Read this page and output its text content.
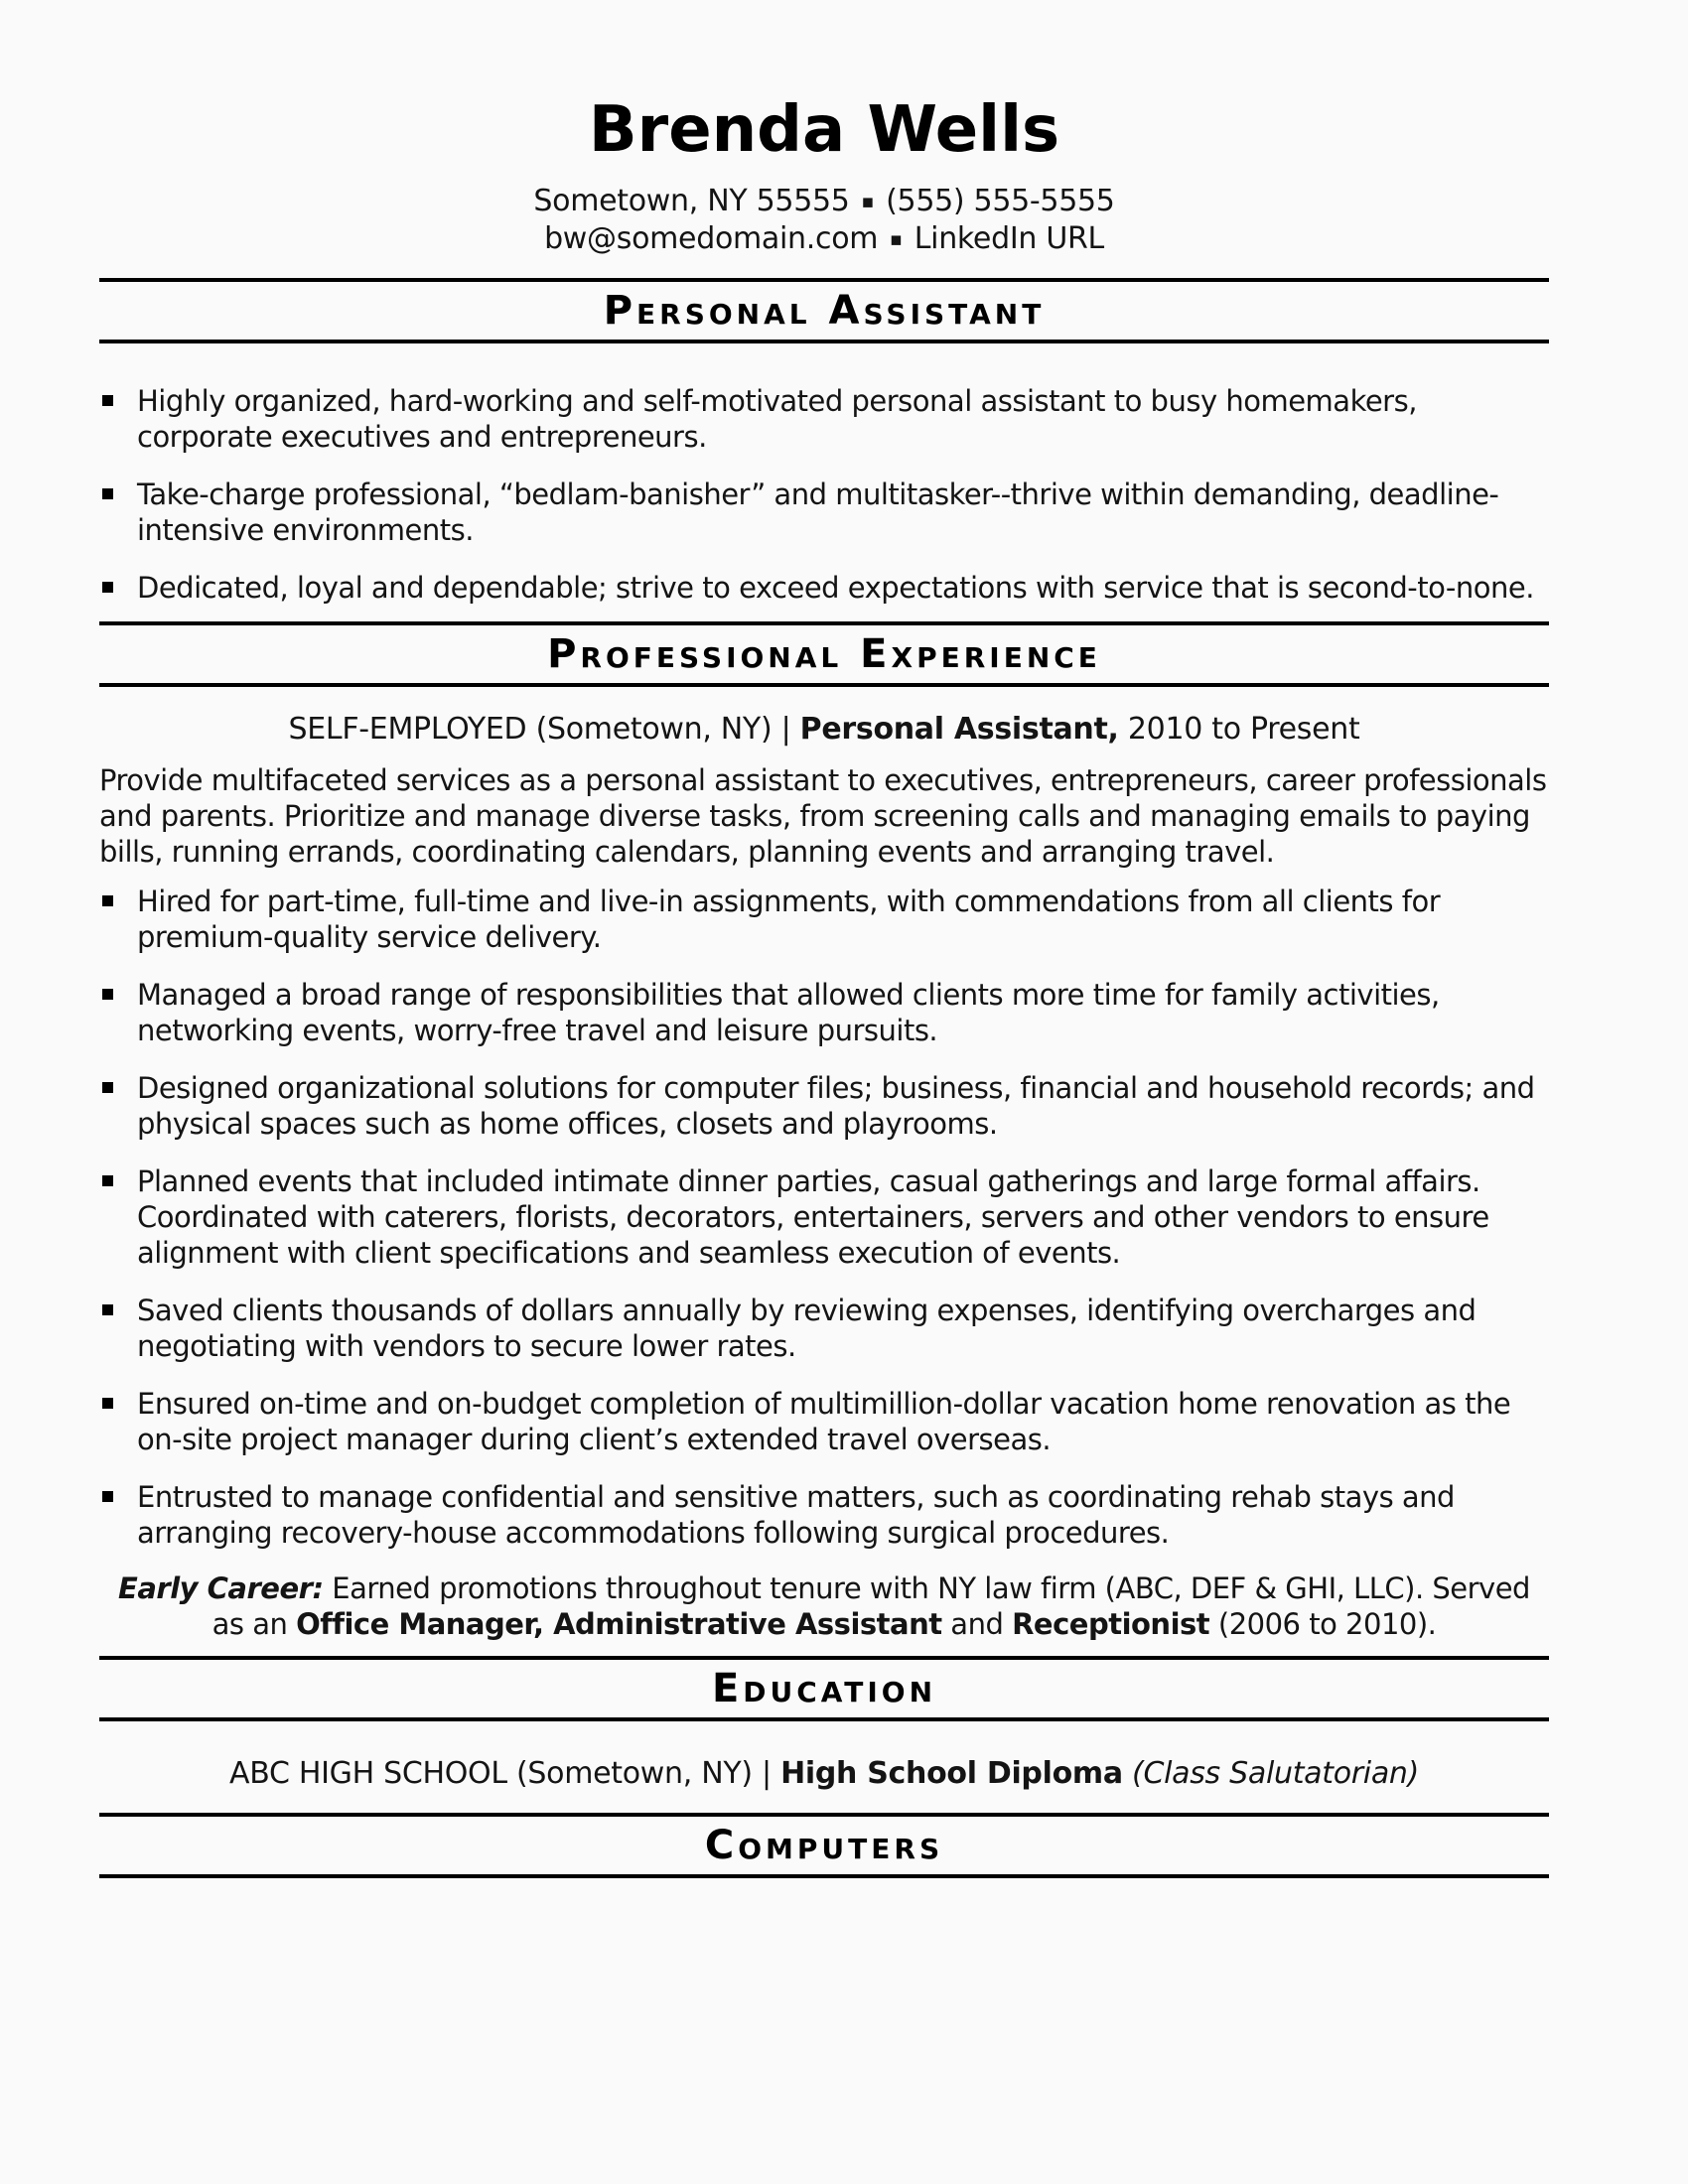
Brenda Wells
Sometown, NY 55555 ▪ (555) 555-5555
bw@somedomain.com ▪ LinkedIn URL
Personal Assistant
Highly organized, hard-working and self-motivated personal assistant to busy homemakers, corporate executives and entrepreneurs.
Take-charge professional, “bedlam-banisher” and multitasker--thrive within demanding, deadline-intensive environments.
Dedicated, loyal and dependable; strive to exceed expectations with service that is second-to-none.
Professional Experience
SELF-EMPLOYED (Sometown, NY) | Personal Assistant, 2010 to Present

Provide multifaceted services as a personal assistant to executives, entrepreneurs, career professionals and parents. Prioritize and manage diverse tasks, from screening calls and managing emails to paying bills, running errands, coordinating calendars, planning events and arranging travel.

Hired for part-time, full-time and live-in assignments, with commendations from all clients for premium-quality service delivery.
Managed a broad range of responsibilities that allowed clients more time for family activities, networking events, worry-free travel and leisure pursuits.
Designed organizational solutions for computer files; business, financial and household records; and physical spaces such as home offices, closets and playrooms.
Planned events that included intimate dinner parties, casual gatherings and large formal affairs. Coordinated with caterers, florists, decorators, entertainers, servers and other vendors to ensure alignment with client specifications and seamless execution of events.
Saved clients thousands of dollars annually by reviewing expenses, identifying overcharges and negotiating with vendors to secure lower rates.
Ensured on-time and on-budget completion of multimillion-dollar vacation home renovation as the on-site project manager during client’s extended travel overseas.
Entrusted to manage confidential and sensitive matters, such as coordinating rehab stays and arranging recovery-house accommodations following surgical procedures.

Early Career: Earned promotions throughout tenure with NY law firm (ABC, DEF & GHI, LLC). Served as an Office Manager, Administrative Assistant and Receptionist (2006 to 2010).

Education
ABC HIGH SCHOOL (Sometown, NY) | High School Diploma (Class Salutatorian)
Computers
